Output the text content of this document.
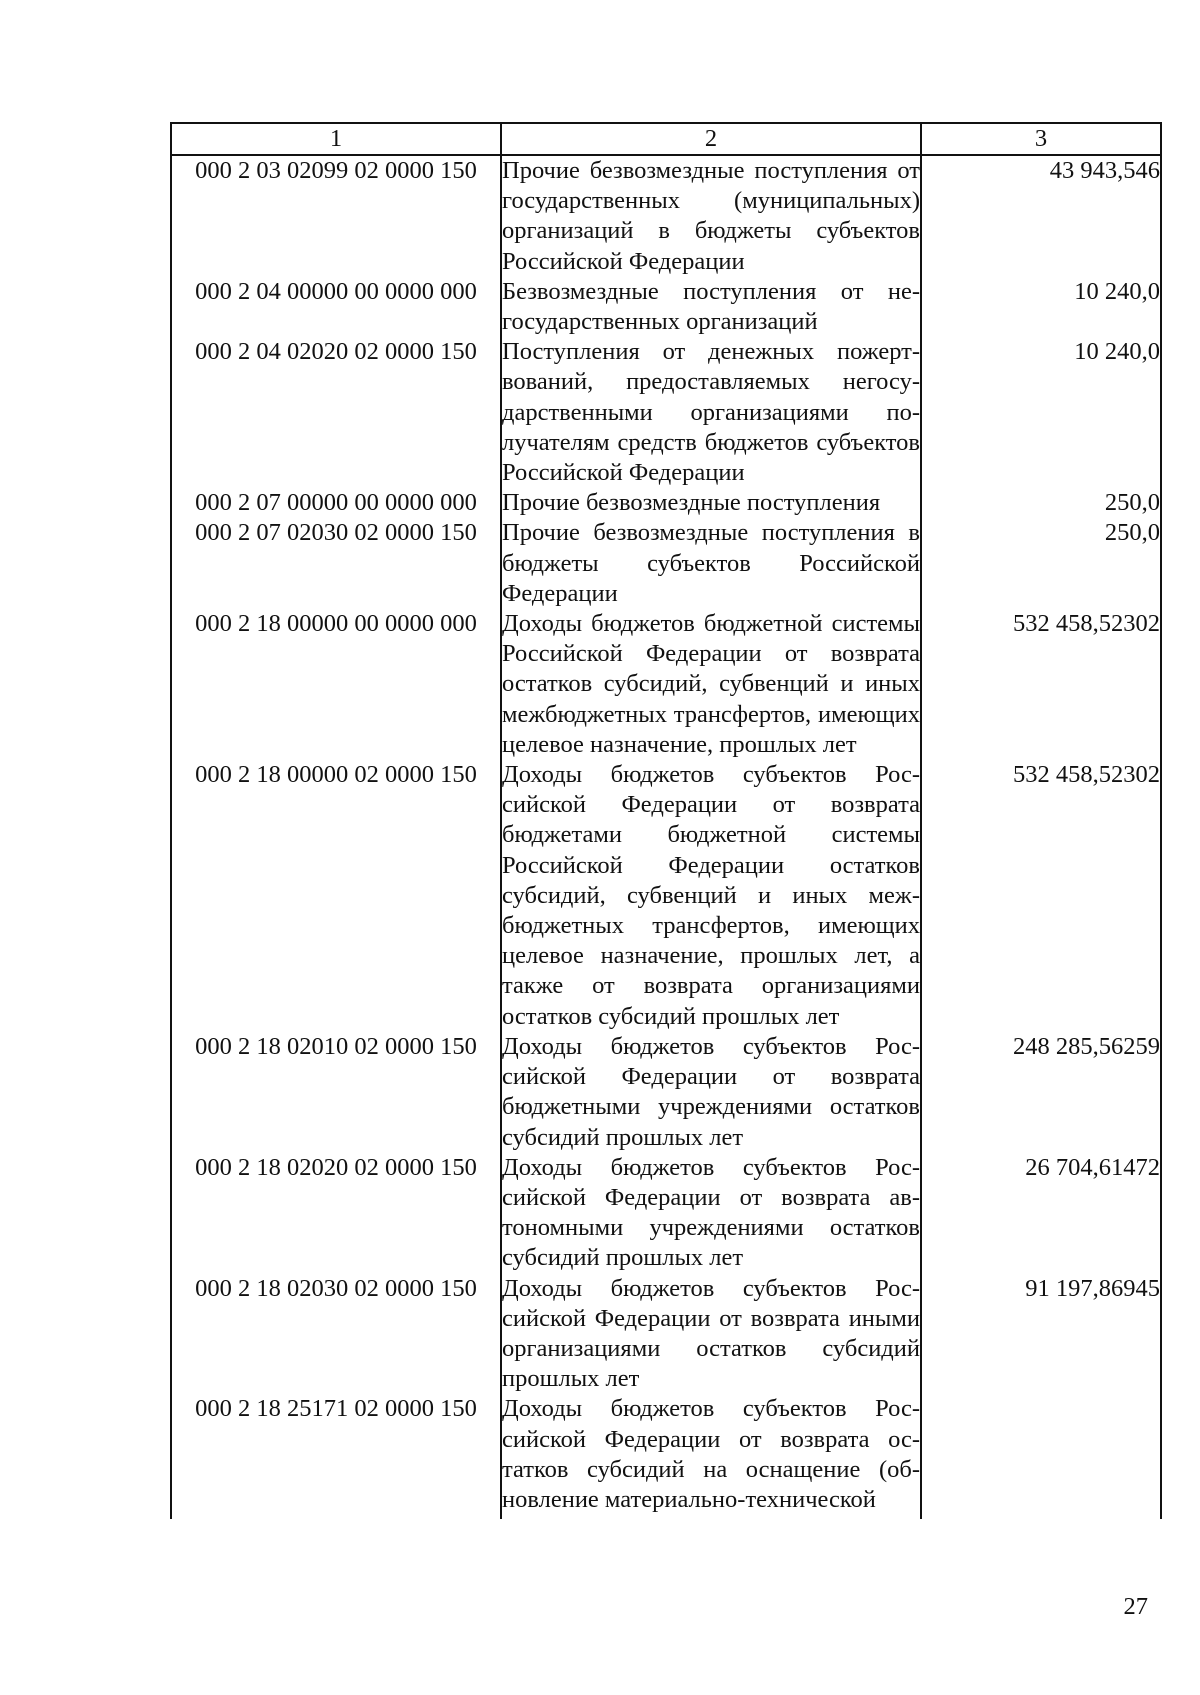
1	2	3
000 2 03 02099 02 0000 150	Прочие безвозмездные поступления от государственных (муниципальных) организаций в бюджеты субъектов Российской Федерации	43 943,546
000 2 04 00000 00 0000 000	Безвозмездные поступления от негосударственных организаций	10 240,0
000 2 04 02020 02 0000 150	Поступления от денежных пожертвований, предоставляемых негосударственными организациями получателям средств бюджетов субъектов Российской Федерации	10 240,0
000 2 07 00000 00 0000 000	Прочие безвозмездные поступления	250,0
000 2 07 02030 02 0000 150	Прочие безвозмездные поступления в бюджеты субъектов Российской Федерации	250,0
000 2 18 00000 00 0000 000	Доходы бюджетов бюджетной системы Российской Федерации от возврата остатков субсидий, субвенций и иных межбюджетных трансфертов, имеющих целевое назначение, прошлых лет	532 458,52302
000 2 18 00000 02 0000 150	Доходы бюджетов субъектов Российской Федерации от возврата бюджетами бюджетной системы Российской Федерации остатков субсидий, субвенций и иных межбюджетных трансфертов, имеющих целевое назначение, прошлых лет, а также от возврата организациями остатков субсидий прошлых лет	532 458,52302
000 2 18 02010 02 0000 150	Доходы бюджетов субъектов Российской Федерации от возврата бюджетными учреждениями остатков субсидий прошлых лет	248 285,56259
000 2 18 02020 02 0000 150	Доходы бюджетов субъектов Российской Федерации от возврата автономными учреждениями остатков субсидий прошлых лет	26 704,61472
000 2 18 02030 02 0000 150	Доходы бюджетов субъектов Российской Федерации от возврата иными организациями остатков субсидий прошлых лет	91 197,86945
000 2 18 25171 02 0000 150	Доходы бюджетов субъектов Российской Федерации от возврата остатков субсидий на оснащение (обновление материально-технической	
27
